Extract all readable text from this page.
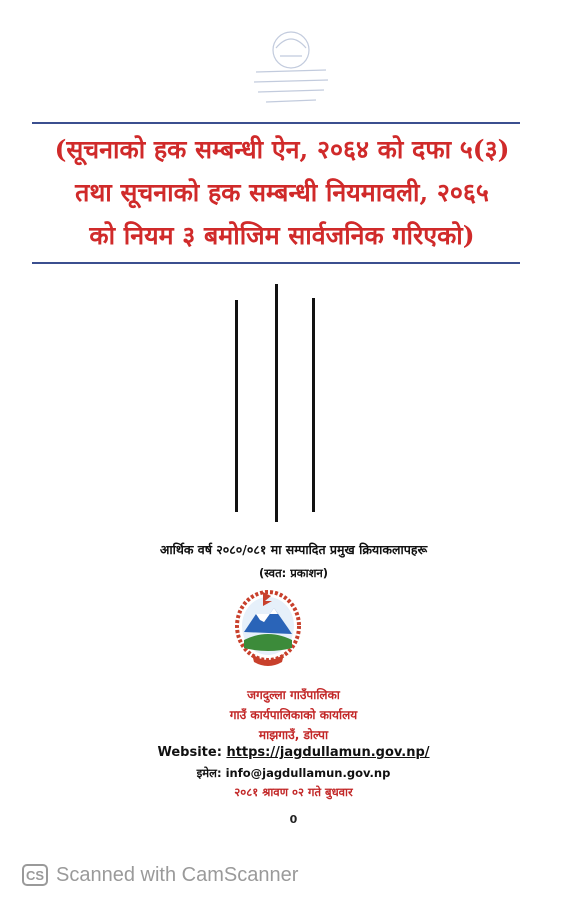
(सूचनाको हक सम्बन्धी ऐन, २०६४ को दफा ५(३)
तथा सूचनाको हक सम्बन्धी नियमावली, २०६५
को नियम ३ बमोजिम सार्वजनिक गरिएको)
आर्थिक वर्ष २०८०/०८१ मा सम्पादित प्रमुख क्रियाकलापहरू
(स्वत: प्रकाशन)
जगदुल्ला गाउँपालिका
गाउँ कार्यपालिकाको कार्यालय
माझगाउँ, डोल्पा
Website: https://jagdullamun.gov.np/
इमेल: info@jagdullamun.gov.np
२०८१ श्रावण ०२ गते बुधवार
0
CS Scanned with CamScanner
